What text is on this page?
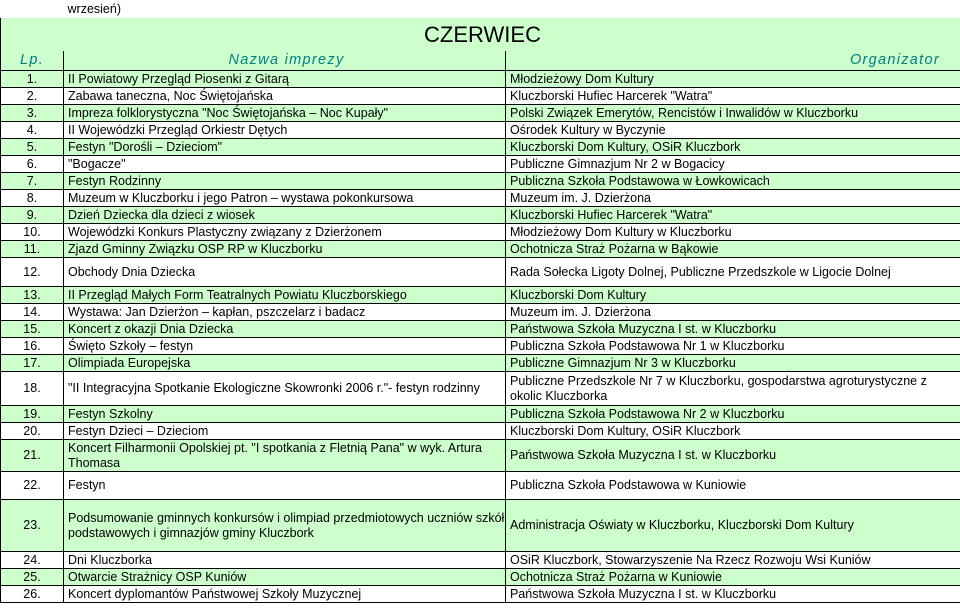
	wrzesień)	
CZERWIEC		
Lp.	Nazwa imprezy	Organizator
1.	II Powiatowy Przegląd Piosenki z Gitarą	Młodzieżowy Dom Kultury
2.	Zabawa taneczna, Noc Świętojańska	Kluczborski Hufiec Harcerek "Watra"
3.	Impreza folklorystyczna "Noc Świętojańska – Noc Kupały"	Polski Związek Emerytów, Rencistów i Inwalidów w Kluczborku
4.	II Wojewódzki Przegląd Orkiestr Dętych	Ośrodek Kultury w Byczynie
5.	Festyn "Dorośli – Dzieciom"	Kluczborski Dom Kultury, OSiR Kluczbork
6.	"Bogacze"	Publiczne Gimnazjum Nr 2 w Bogacicy
7.	Festyn Rodzinny	Publiczna Szkoła Podstawowa w Łowkowicach
8.	Muzeum w Kluczborku i jego Patron – wystawa pokonkursowa	Muzeum im. J. Dzierżona
9.	Dzień Dziecka dla dzieci z wiosek	Kluczborski Hufiec Harcerek "Watra"
10.	Wojewódzki Konkurs Plastyczny związany z Dzierżonem	Młodzieżowy Dom Kultury w Kluczborku
11.	Zjazd Gminny Związku OSP RP w Kluczborku	Ochotnicza Straż Pożarna w Bąkowie
12.	Obchody Dnia Dziecka	Rada Sołecka Ligoty Dolnej, Publiczne Przedszkole w Ligocie Dolnej
13.	II Przegląd Małych Form Teatralnych Powiatu Kluczborskiego	Kluczborski Dom Kultury
14.	Wystawa: Jan Dzierżon – kapłan, pszczelarz i badacz	Muzeum im. J. Dzierżona
15.	Koncert z okazji Dnia Dziecka	Państwowa Szkoła Muzyczna I st. w Kluczborku
16.	Święto Szkoły – festyn	Publiczna Szkoła Podstawowa Nr 1 w Kluczborku
17.	Olimpiada Europejska	Publiczne Gimnazjum Nr 3 w Kluczborku
18.	"II Integracyjna Spotkanie Ekologiczne Skowronki 2006 r."- festyn rodzinny	Publiczne Przedszkole Nr 7 w Kluczborku, gospodarstwa agroturystyczne z okolic Kluczborka
19.	Festyn Szkolny	Publiczna Szkoła Podstawowa Nr 2 w Kluczborku
20.	Festyn Dzieci – Dzieciom	Kluczborski Dom Kultury, OSiR Kluczbork
21.	Koncert Filharmonii Opolskiej pt. "I spotkania z Fletnią Pana" w wyk. Artura Thomasa	Państwowa Szkoła Muzyczna I st. w Kluczborku
22.	Festyn	Publiczna Szkoła Podstawowa w Kuniowie
23.	Podsumowanie gminnych konkursów i olimpiad przedmiotowych uczniów szkół podstawowych i gimnazjów gminy Kluczbork	Administracja Oświaty w Kluczborku, Kluczborski Dom Kultury
24.	Dni Kluczborka	OSiR Kluczbork, Stowarzyszenie Na Rzecz Rozwoju Wsi Kuniów
25.	Otwarcie Strażnicy OSP Kuniów	Ochotnicza Straż Pożarna w Kuniowie
26.	Koncert dyplomantów Państwowej Szkoły Muzycznej	Państwowa Szkoła Muzyczna I st. w Kluczborku
